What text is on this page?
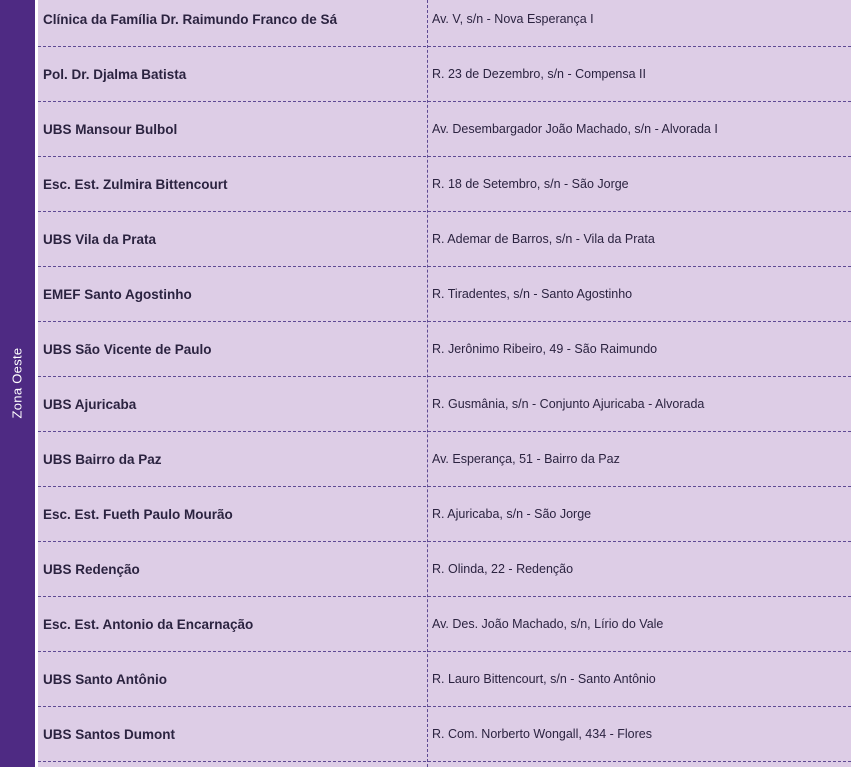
Zona Oeste
Clínica da Família Dr. Raimundo Franco de Sá	Av. V, s/n - Nova Esperança I
Pol. Dr. Djalma Batista	R. 23 de Dezembro, s/n - Compensa II
UBS Mansour Bulbol	Av. Desembargador João Machado, s/n - Alvorada I
Esc. Est. Zulmira Bittencourt	R. 18 de Setembro, s/n - São Jorge
UBS Vila da Prata	R. Ademar de Barros, s/n - Vila da Prata
EMEF Santo Agostinho	R. Tiradentes, s/n - Santo Agostinho
UBS São Vicente de Paulo	R. Jerônimo Ribeiro, 49 - São Raimundo
UBS Ajuricaba	R. Gusmânia, s/n - Conjunto Ajuricaba - Alvorada
UBS Bairro da Paz	Av. Esperança, 51 - Bairro da Paz
Esc. Est. Fueth Paulo Mourão	R. Ajuricaba, s/n - São Jorge
UBS Redenção	R. Olinda, 22 - Redenção
Esc. Est. Antonio da Encarnação	Av. Des. João Machado, s/n, Lírio do Vale
UBS Santo Antônio	R. Lauro Bittencourt, s/n - Santo Antônio
UBS Santos Dumont	R. Com. Norberto Wongall, 434 - Flores
